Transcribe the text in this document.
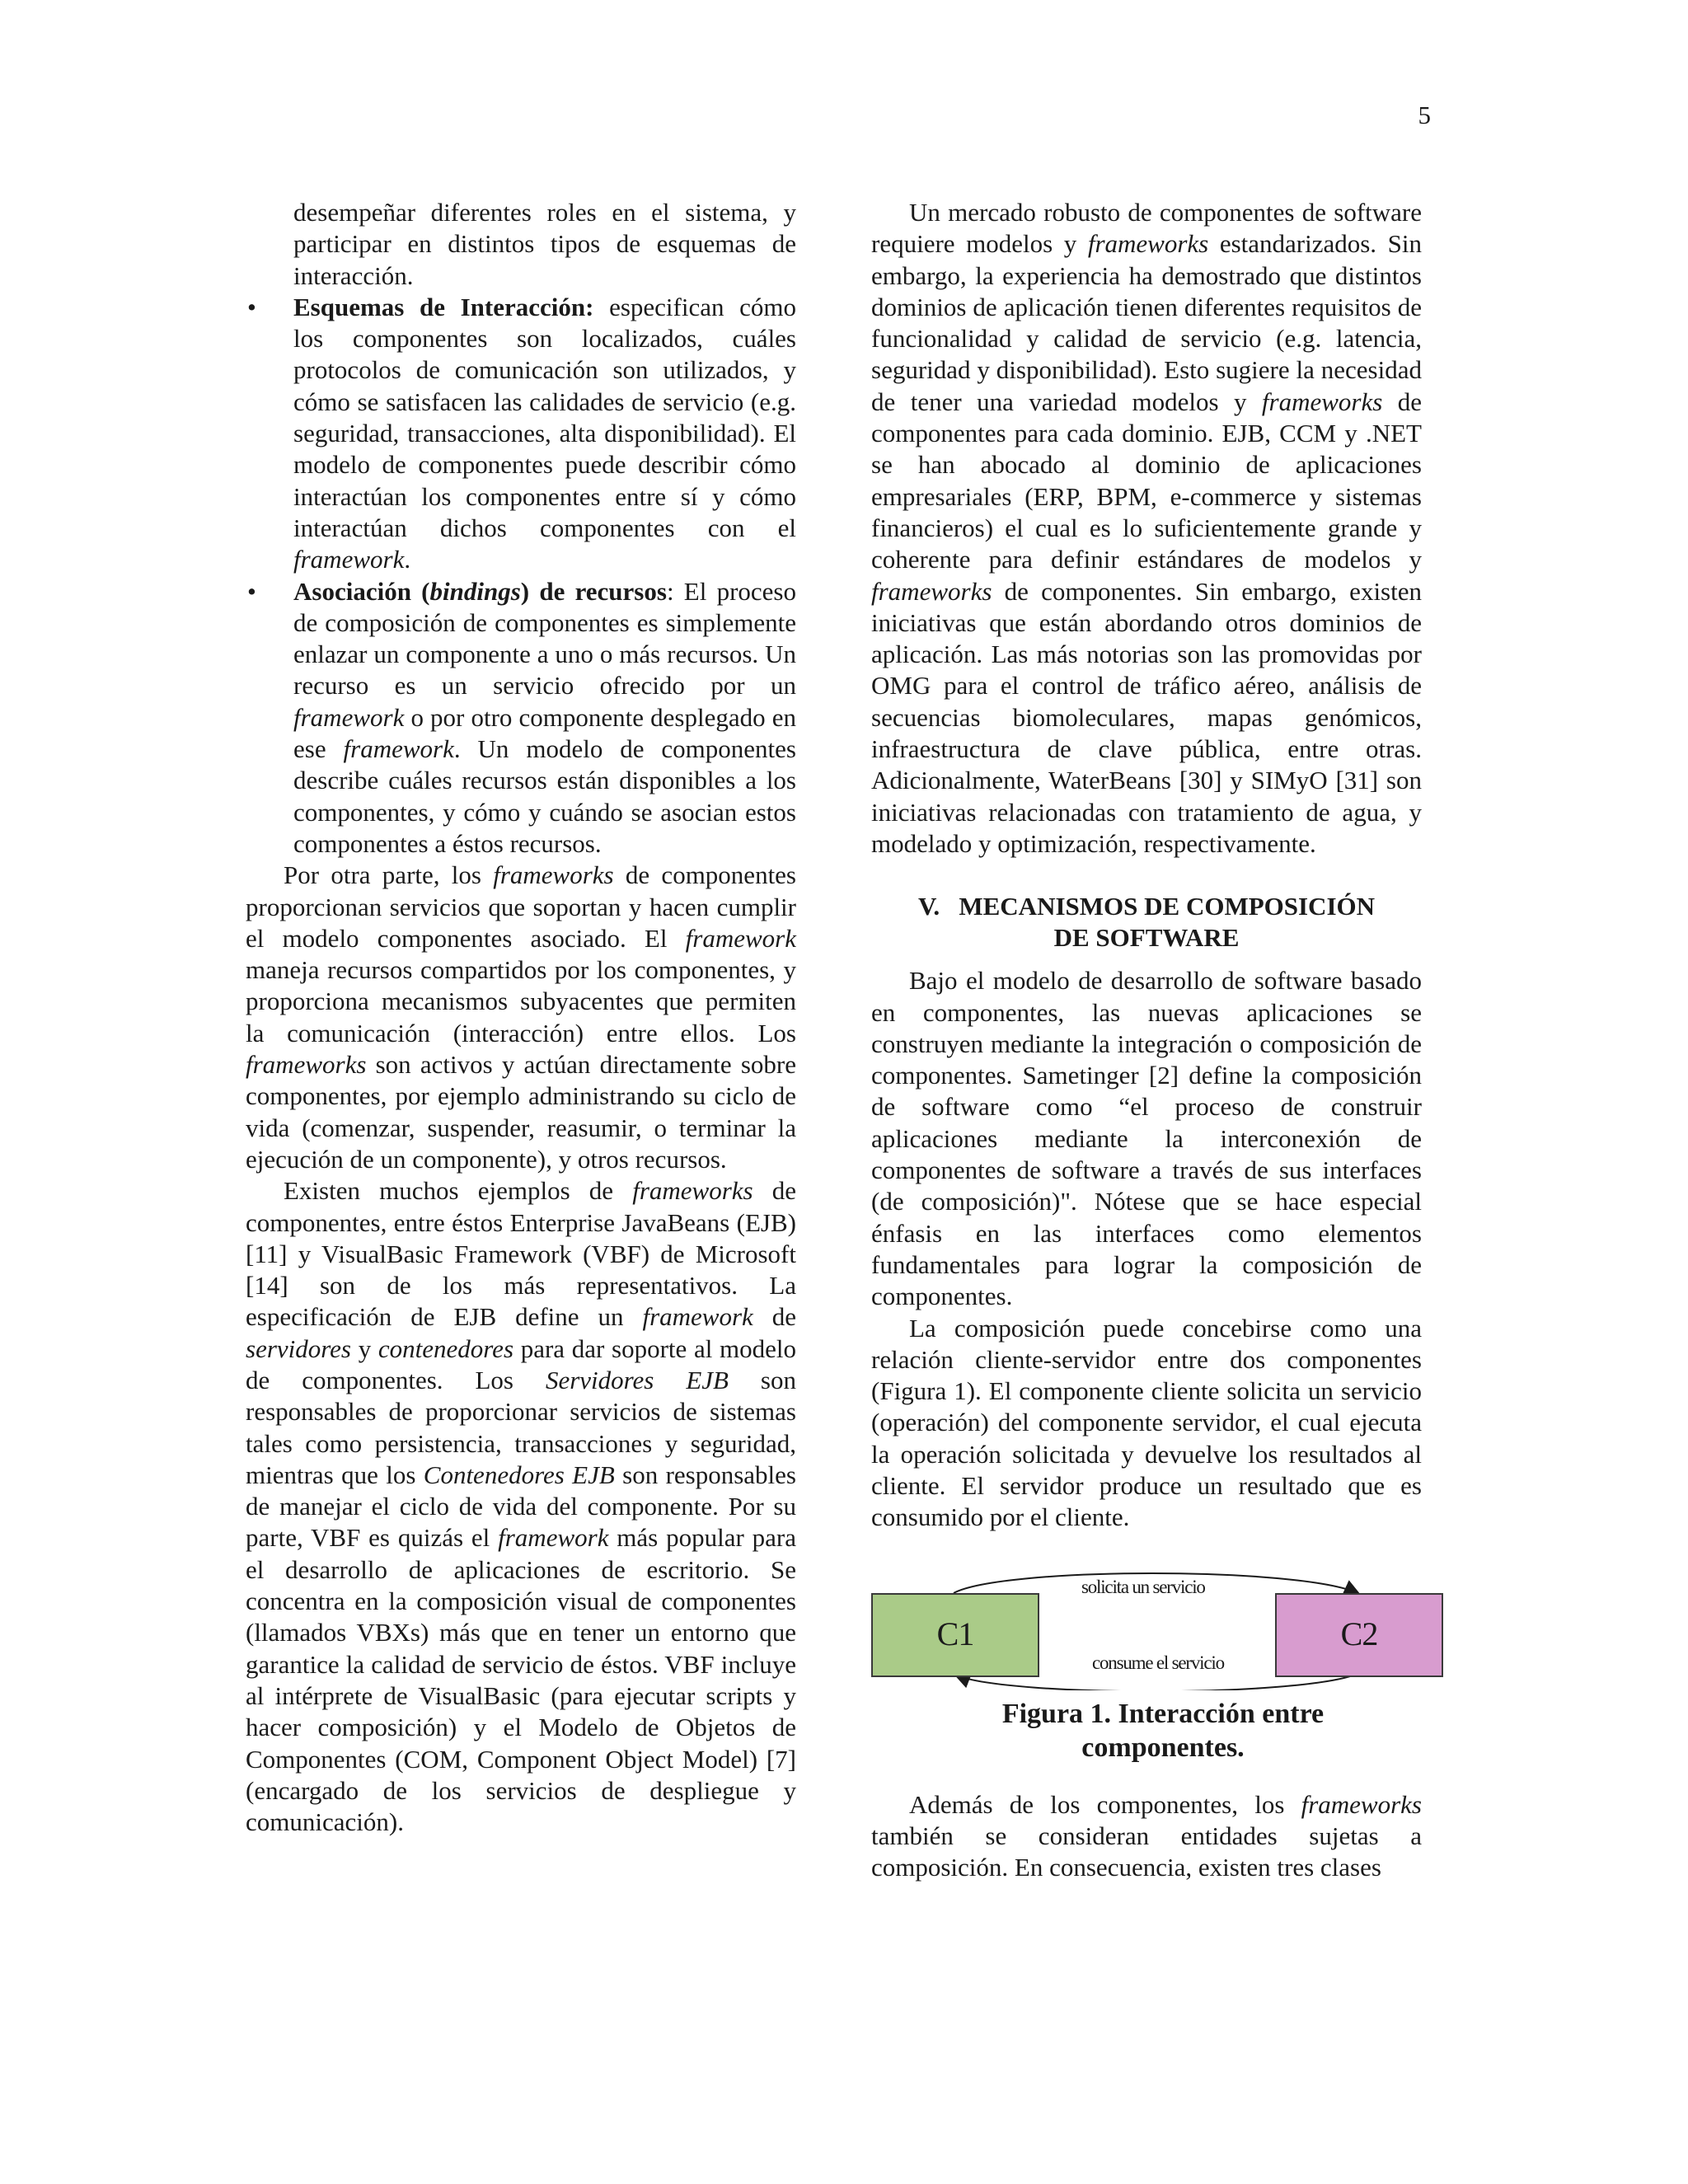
5
desempeñar diferentes roles en el sistema, y participar en distintos tipos de esquemas de interacción.
• Esquemas de Interacción: especifican cómo los componentes son localizados, cuáles protocolos de comunicación son utilizados, y cómo se satisfacen las calidades de servicio (e.g. seguridad, transacciones, alta disponibilidad). El modelo de componentes puede describir cómo interactúan los componentes entre sí y cómo interactúan dichos componentes con el framework.
• Asociación (bindings) de recursos: El proceso de composición de componentes es simplemente enlazar un componente a uno o más recursos. Un recurso es un servicio ofrecido por un framework o por otro componente desplegado en ese framework. Un modelo de componentes describe cuáles recursos están disponibles a los componentes, y cómo y cuándo se asocian estos componentes a éstos recursos.

Por otra parte, los frameworks de componentes proporcionan servicios que soportan y hacen cumplir el modelo componentes asociado. El framework maneja recursos compartidos por los componentes, y proporciona mecanismos subyacentes que permiten la comunicación (interacción) entre ellos. Los frameworks son activos y actúan directamente sobre componentes, por ejemplo administrando su ciclo de vida (comenzar, suspender, reasumir, o terminar la ejecución de un componente), y otros recursos.

Existen muchos ejemplos de frameworks de componentes, entre éstos Enterprise JavaBeans (EJB) [11] y VisualBasic Framework (VBF) de Microsoft [14] son de los más representativos. La especificación de EJB define un framework de servidores y contenedores para dar soporte al modelo de componentes. Los Servidores EJB son responsables de proporcionar servicios de sistemas tales como persistencia, transacciones y seguridad, mientras que los Contenedores EJB son responsables de manejar el ciclo de vida del componente. Por su parte, VBF es quizás el framework más popular para el desarrollo de aplicaciones de escritorio. Se concentra en la composición visual de componentes (llamados VBXs) más que en tener un entorno que garantice la calidad de servicio de éstos. VBF incluye al intérprete de VisualBasic (para ejecutar scripts y hacer composición) y el Modelo de Objetos de Componentes (COM, Component Object Model) [7] (encargado de los servicios de despliegue y comunicación).

Un mercado robusto de componentes de software requiere modelos y frameworks estandarizados. Sin embargo, la experiencia ha demostrado que distintos dominios de aplicación tienen diferentes requisitos de funcionalidad y calidad de servicio (e.g. latencia, seguridad y disponibilidad). Esto sugiere la necesidad de tener una variedad modelos y frameworks de componentes para cada dominio. EJB, CCM y .NET se han abocado al dominio de aplicaciones empresariales (ERP, BPM, e-commerce y sistemas financieros) el cual es lo suficientemente grande y coherente para definir estándares de modelos y frameworks de componentes. Sin embargo, existen iniciativas que están abordando otros dominios de aplicación. Las más notorias son las promovidas por OMG para el control de tráfico aéreo, análisis de secuencias biomoleculares, mapas genómicos, infraestructura de clave pública, entre otras. Adicionalmente, WaterBeans [30] y SIMyO [31] son iniciativas relacionadas con tratamiento de agua, y modelado y optimización, respectivamente.

V.   MECANISMOS DE COMPOSICIÓN
DE SOFTWARE

Bajo el modelo de desarrollo de software basado en componentes, las nuevas aplicaciones se construyen mediante la integración o composición de componentes. Sametinger [2] define la composición de software como “el proceso de construir aplicaciones mediante la interconexión de componentes de software a través de sus interfaces (de composición)". Nótese que se hace especial énfasis en las interfaces como elementos fundamentales para lograr la composición de componentes.

La composición puede concebirse como una relación cliente-servidor entre dos componentes (Figura 1). El componente cliente solicita un servicio (operación) del componente servidor, el cual ejecuta la operación solicitada y devuelve los resultados al cliente. El servidor produce un resultado que es consumido por el cliente.

C1	C2
solicita un servicio
consume el servicio
Figura 1. Interacción entre
componentes.

Además de los componentes, los frameworks también se consideran entidades sujetas a composición. En consecuencia, existen tres clases
